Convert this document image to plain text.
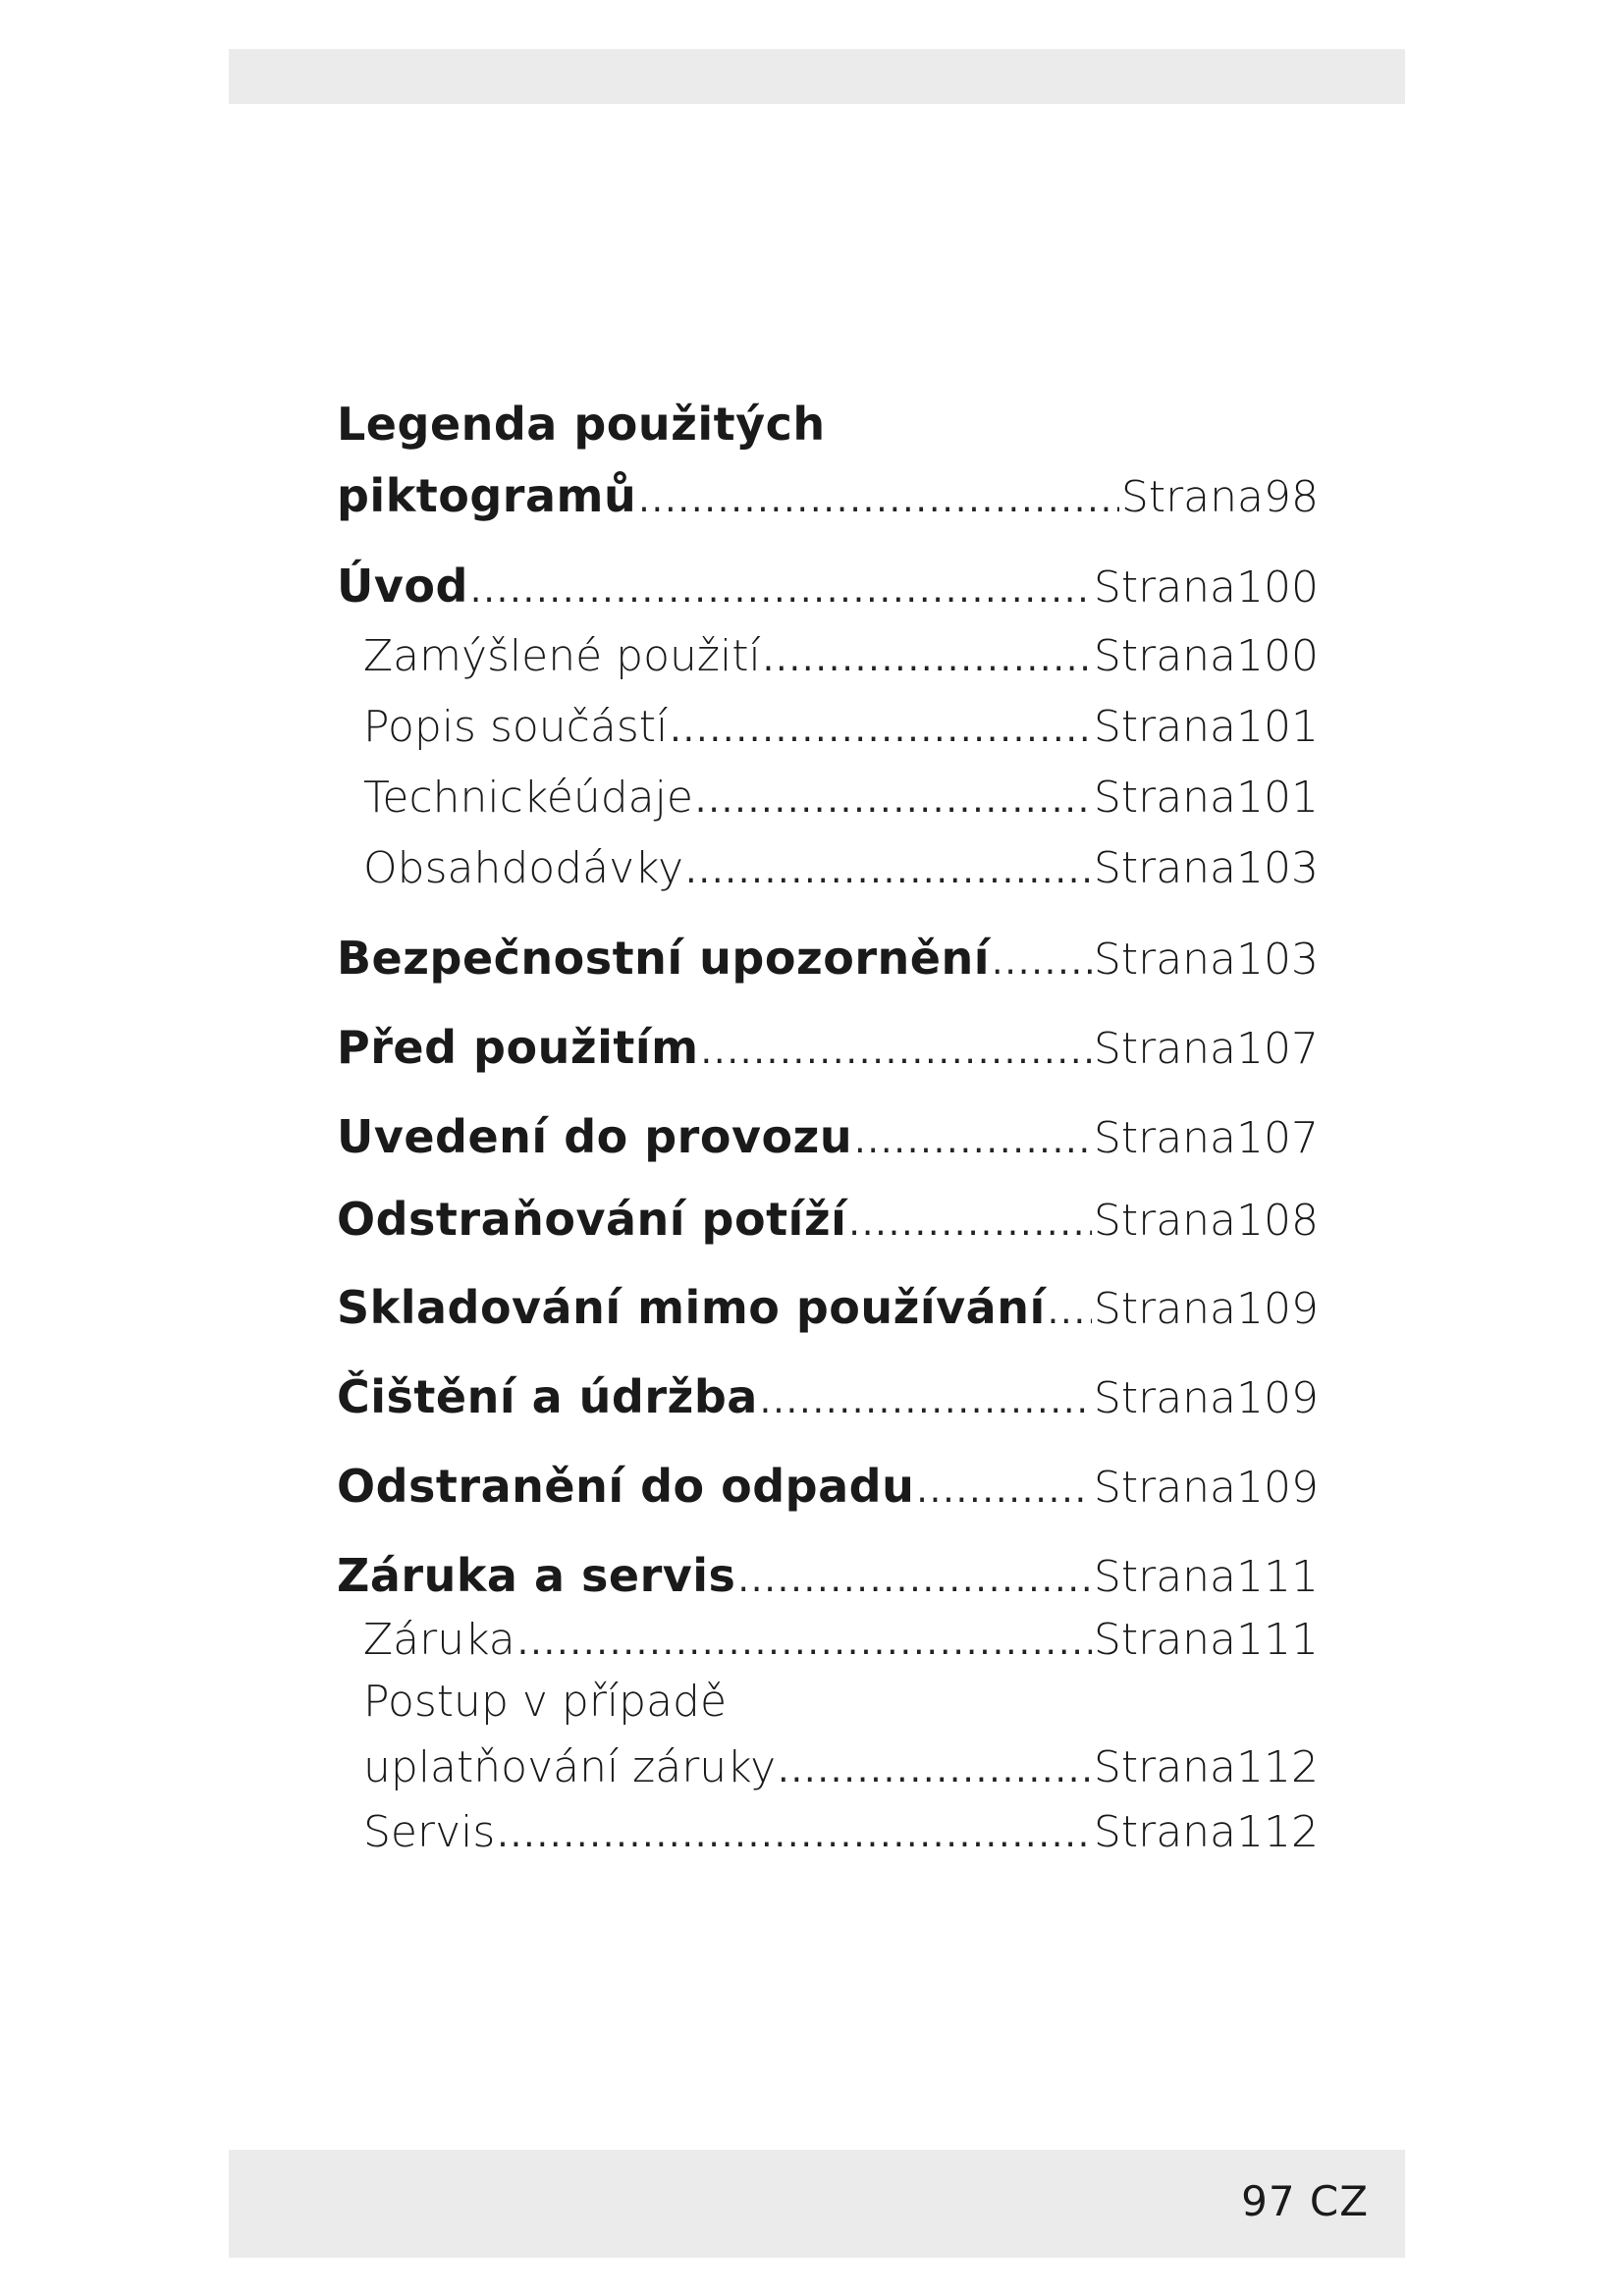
Legenda použitých
piktogramů .....	Strana 98
Úvod .....	Strana 100
Zamýšlené použití .....	Strana 100
Popis součástí .....	Strana 101
Technickéúdaje .....	Strana 101
Obsahdodávky .....	Strana 103
Bezpečnostní upozornění ..... Strana 103
Před použitím .....	Strana 107
Uvedení do provozu .....	Strana 107
Odstraňování potíží .....	Strana 108
Skladování mimo používání ..... Strana 109
Čištění a údržba .....	Strana 109
Odstranění do odpadu .....	Strana 109
Záruka a servis .....	Strana 111
Záruka .....	Strana 111
Postup v případě
uplatňování záruky .....	Strana 112
Servis .....	Strana 112
97 CZ
